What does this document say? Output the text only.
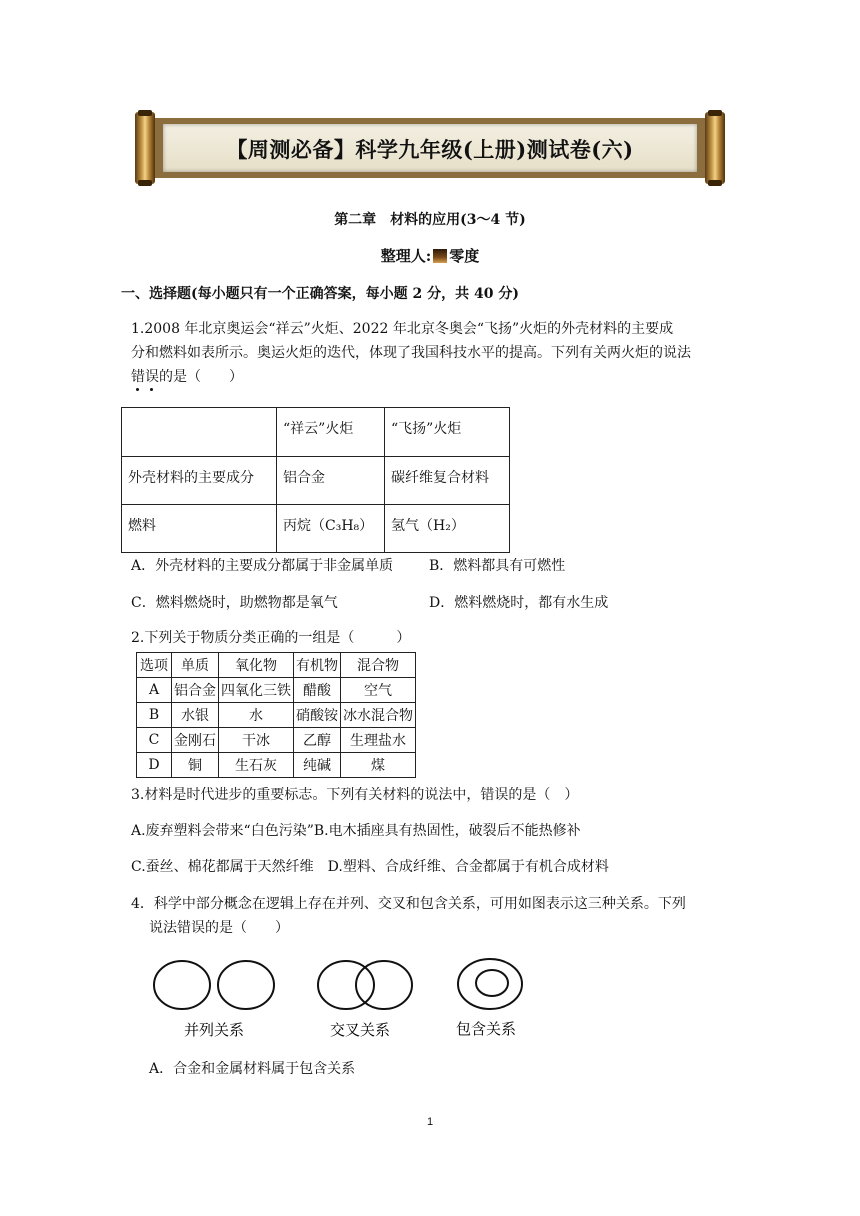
【周测必备】科学九年级(上册)测试卷(六)
第二章　材料的应用(3～4 节)
整理人: 零度
一、选择题(每小题只有一个正确答案，每小题 2 分，共 40 分)
1.2008 年北京奥运会“祥云”火炬、2022 年北京冬奥会“飞扬”火炬的外壳材料的主要成
分和燃料如表所示。奥运火炬的迭代，体现了我国科技水平的提高。下列有关两火炬的说法
错误的是（　　）
	“祥云”火炬	“飞扬”火炬
外壳材料的主要成分	铝合金	碳纤维复合材料
燃料	丙烷（C₃H₈）	氢气（H₂）
A．外壳材料的主要成分都属于非金属单质	B．燃料都具有可燃性
C．燃料燃烧时，助燃物都是氧气	D．燃料燃烧时，都有水生成
2.下列关于物质分类正确的一组是（　　　）
选项	单质	氧化物	有机物	混合物
A	铝合金	四氧化三铁	醋酸	空气
B	水银	水	硝酸铵	冰水混合物
C	金刚石	干冰	乙醇	生理盐水
D	铜	生石灰	纯碱	煤
3.材料是时代进步的重要标志。下列有关材料的说法中，错误的是（　）
A.废弃塑料会带来“白色污染”B.电木插座具有热固性，破裂后不能热修补
C.蚕丝、棉花都属于天然纤维　D.塑料、合成纤维、合金都属于有机合成材料
4．科学中部分概念在逻辑上存在并列、交叉和包含关系，可用如图表示这三种关系。下列
说法错误的是（　　）
并列关系	交叉关系	包含关系
A．合金和金属材料属于包含关系
1
